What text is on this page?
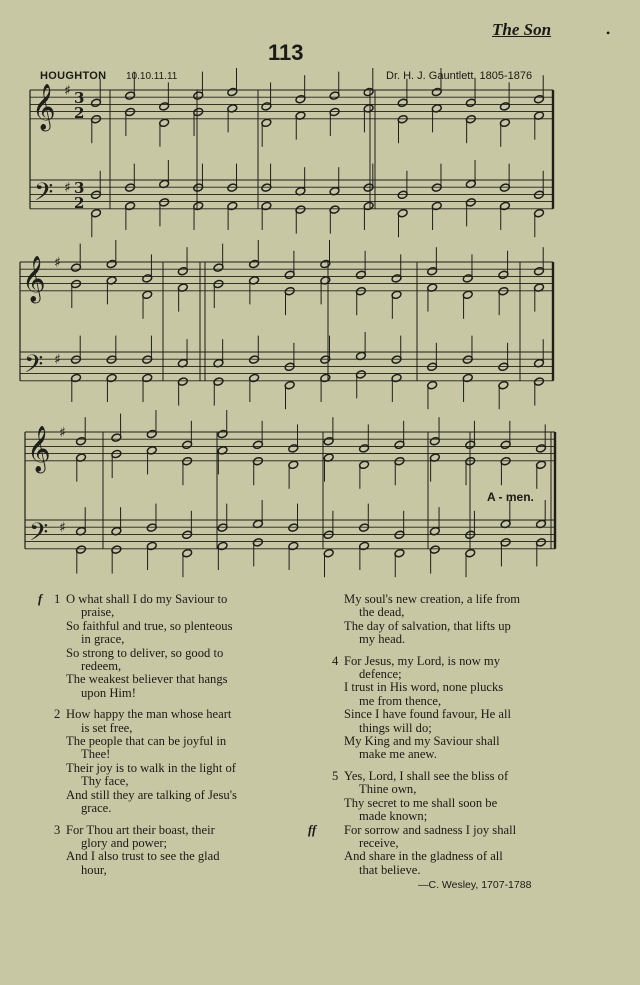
The Son	•
113
HOUGHTON 10.10.11.11	Dr. H. J. Gauntlett, 1805-1876
𝄞
𝄢
♯
♯
3
2
3
2
𝄞
𝄢
♯
♯
𝄞
𝄢
♯
♯
A - men.
1
f O what shall I do my Saviour to
praise,
So faithful and true, so plenteous
in grace,
So strong to deliver, so good to
redeem,
The weakest believer that hangs
upon Him!
2 How happy the man whose heart
is set free,
The people that can be joyful in
Thee!
Their joy is to walk in the light of
Thy face,
And still they are talking of Jesu's
grace.
3 For Thou art their boast, their
glory and power;
And I also trust to see the glad
hour,
My soul's new creation, a life from
the dead,
The day of salvation, that lifts up
my head.
4 For Jesus, my Lord, is now my
defence;
I trust in His word, none plucks
me from thence,
Since I have found favour, He all
things will do;
My King and my Saviour shall
make me anew.
5 Yes, Lord, I shall see the bliss of
Thine own,
Thy secret to me shall soon be
made known;
ff For sorrow and sadness I joy shall
receive,
And share in the gladness of all
that believe.
—C. Wesley, 1707-1788
